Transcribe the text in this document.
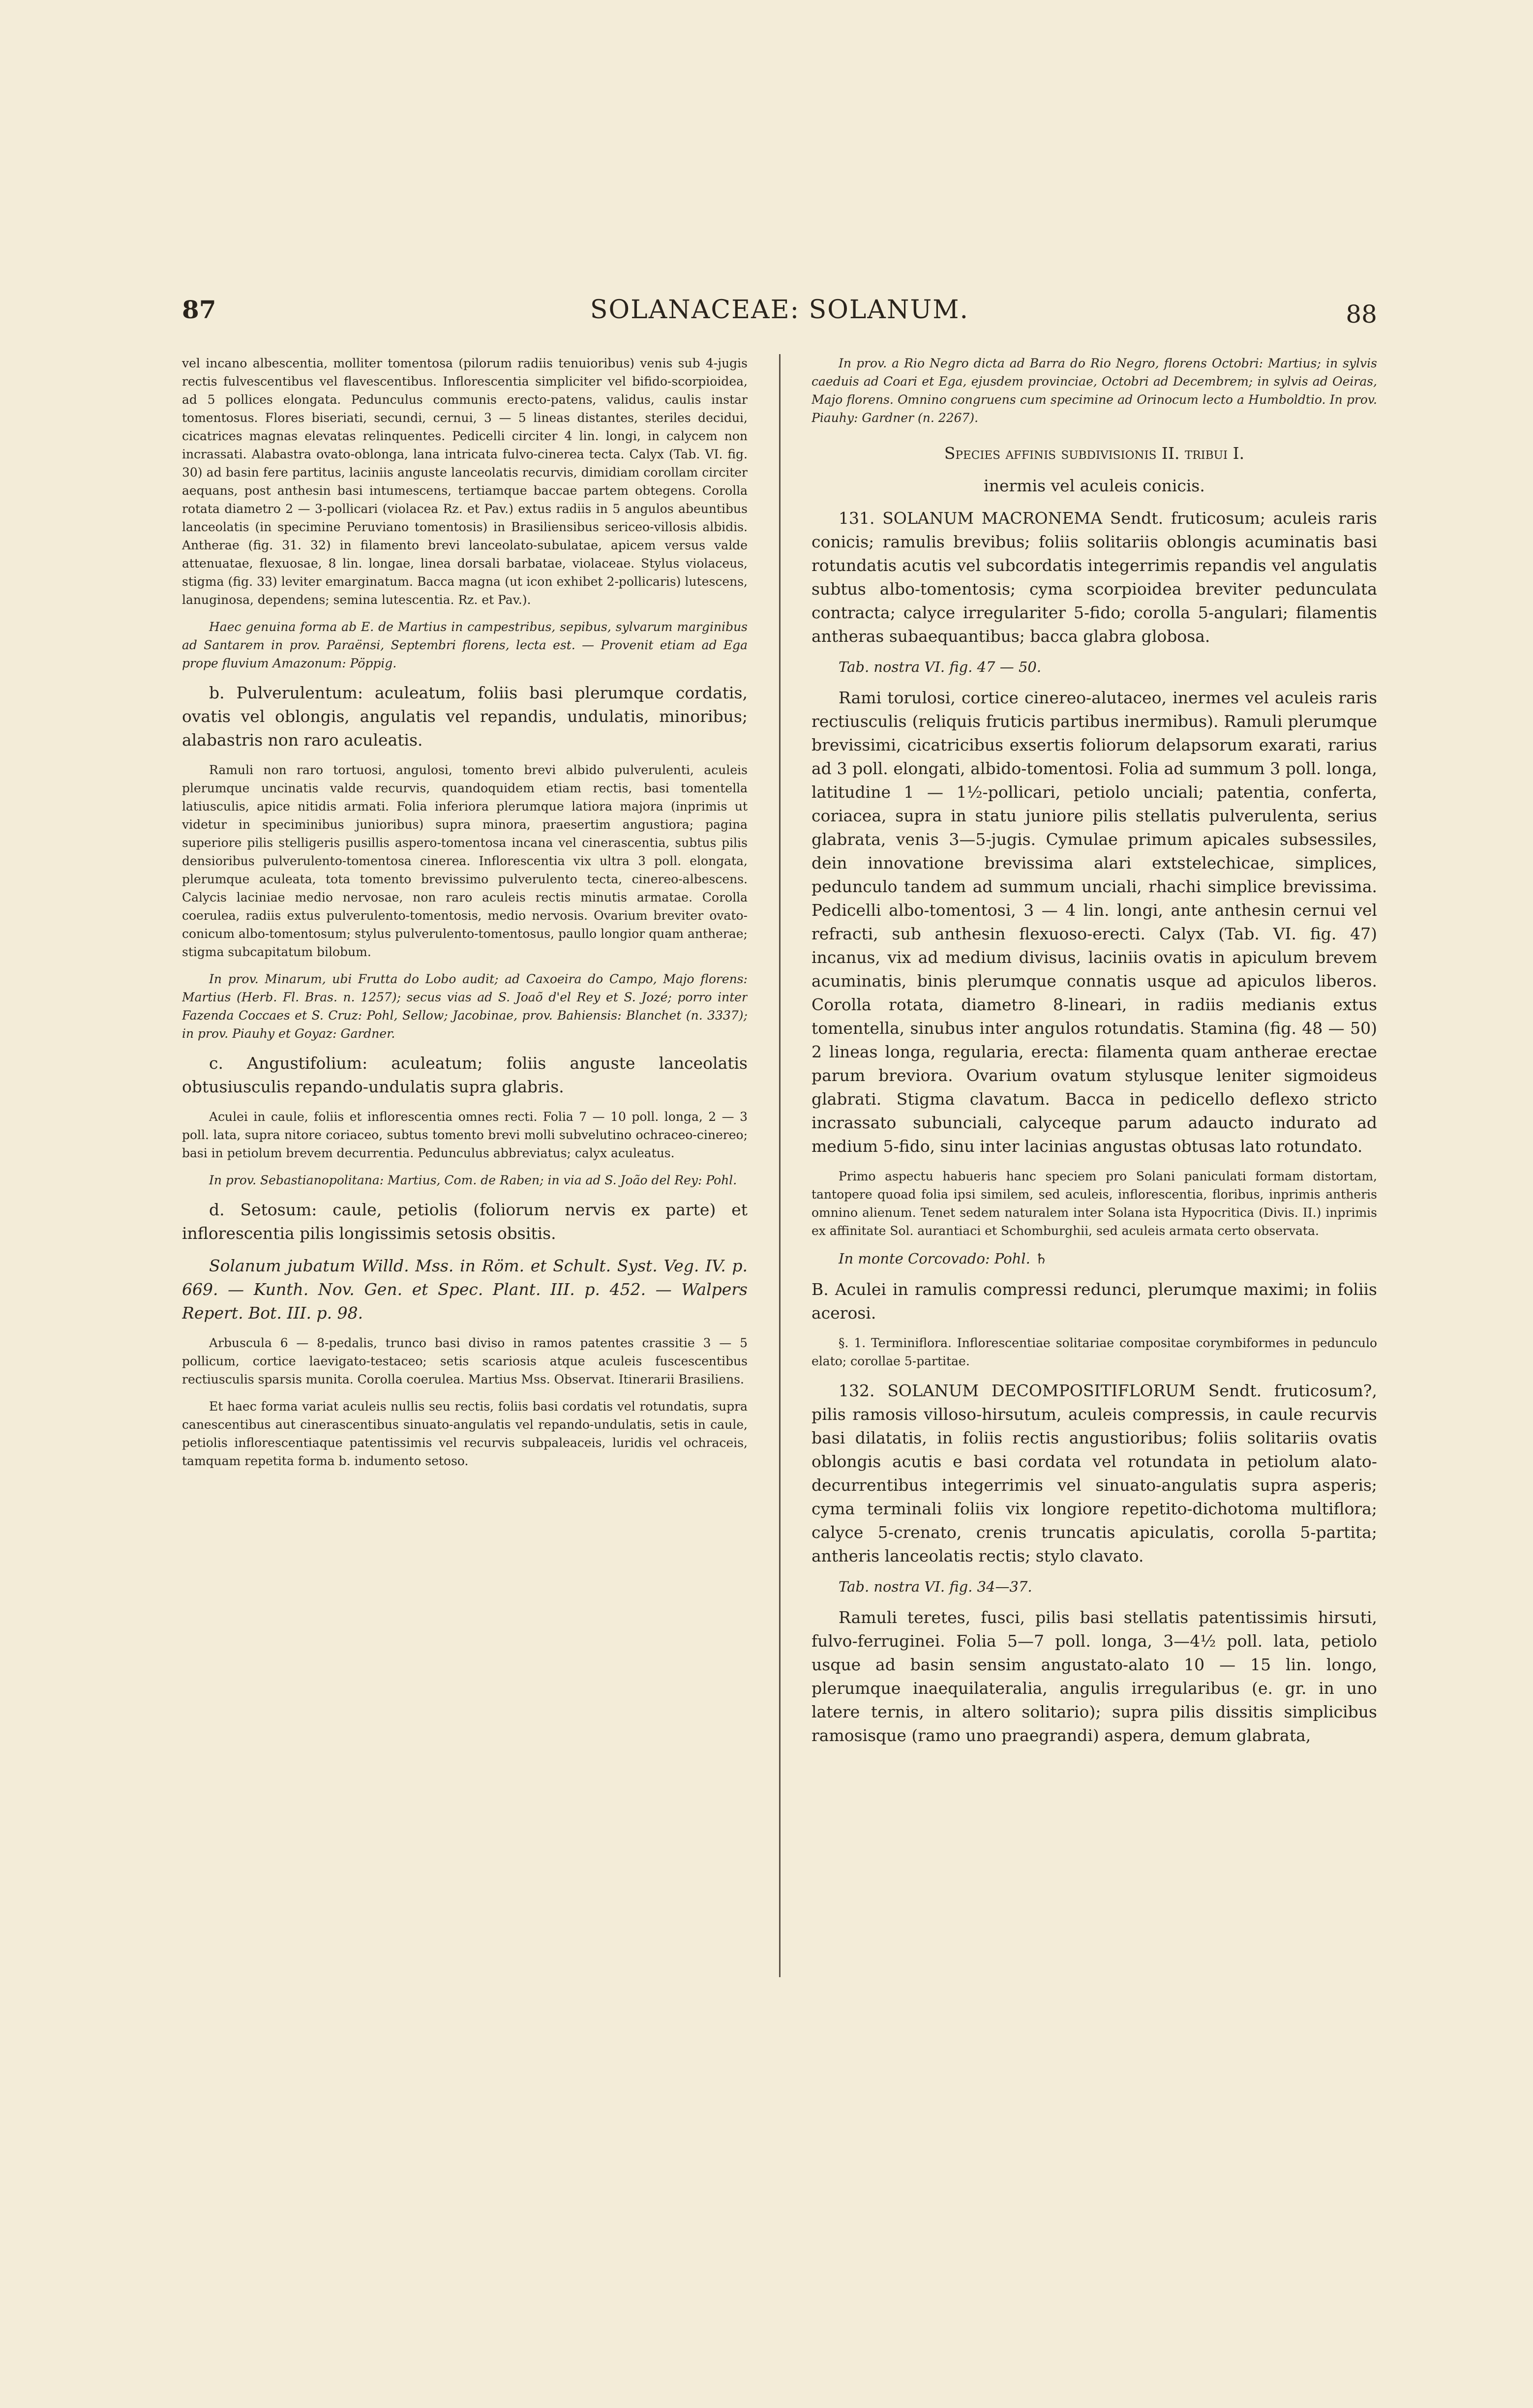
87	SOLANACEAE: SOLANUM.	88

vel incano albescentia, molliter tomentosa (pilorum radiis tenuioribus) venis sub 4-jugis rectis fulvescentibus vel flavescentibus. Inflorescentia simpliciter vel bifido-scorpioidea, ad 5 pollices elongata. Pedunculus communis erecto-patens, validus, caulis instar tomentosus. Flores biseriati, secundi, cernui, 3 — 5 lineas distantes, steriles decidui, cicatrices magnas elevatas relinquentes. Pedicelli circiter 4 lin. longi, in calycem non incrassati. Alabastra ovato-oblonga, lana intricata fulvo-cinerea tecta. Calyx (Tab. VI. fig. 30) ad basin fere partitus, laciniis anguste lanceolatis recurvis, dimidiam corollam circiter aequans, post anthesin basi intumescens, tertiamque baccae partem obtegens. Corolla rotata diametro 2 — 3-pollicari (violacea Rz. et Pav.) extus radiis in 5 angulos abeuntibus lanceolatis (in specimine Peruviano tomentosis) in Brasiliensibus sericeo-villosis albidis. Antherae (fig. 31. 32) in filamento brevi lanceolato-subulatae, apicem versus valde attenuatae, flexuosae, 8 lin. longae, linea dorsali barbatae, violaceae. Stylus violaceus, stigma (fig. 33) leviter emarginatum. Bacca magna (ut icon exhibet 2-pollicaris) lutescens, lanuginosa, dependens; semina lutescentia. Rz. et Pav.).

Haec genuina forma ab E. de Martius in campestribus, sepibus, sylvarum marginibus ad Santarem in prov. Paraënsi, Septembri florens, lecta est. — Provenit etiam ad Ega prope fluvium Amazonum: Pöppig.

b. Pulverulentum: aculeatum, foliis basi plerumque cordatis, ovatis vel oblongis, angulatis vel repandis, undulatis, minoribus; alabastris non raro aculeatis.

Ramuli non raro tortuosi, angulosi, tomento brevi albido pulverulenti, aculeis plerumque uncinatis valde recurvis, quandoquidem etiam rectis, basi tomentella latiusculis, apice nitidis armati. Folia inferiora plerumque latiora majora (inprimis ut videtur in speciminibus junioribus) supra minora, praesertim angustiora; pagina superiore pilis stelligeris pusillis aspero-tomentosa incana vel cinerascentia, subtus pilis densioribus pulverulento-tomentosa cinerea. Inflorescentia vix ultra 3 poll. elongata, plerumque aculeata, tota tomento brevissimo pulverulento tecta, cinereo-albescens. Calycis laciniae medio nervosae, non raro aculeis rectis minutis armatae. Corolla coerulea, radiis extus pulverulento-tomentosis, medio nervosis. Ovarium breviter ovato-conicum albo-tomentosum; stylus pulverulento-tomentosus, paullo longior quam antherae; stigma subcapitatum bilobum.

In prov. Minarum, ubi Frutta do Lobo audit; ad Caxoeira do Campo, Majo florens: Martius (Herb. Fl. Bras. n. 1257); secus vias ad S. Joaõ d'el Rey et S. Jozé; porro inter Fazenda Coccaes et S. Cruz: Pohl, Sellow; Jacobinae, prov. Bahiensis: Blanchet (n. 3337); in prov. Piauhy et Goyaz: Gardner.

c. Angustifolium: aculeatum; foliis anguste lanceolatis obtusiusculis repando-undulatis supra glabris.

Aculei in caule, foliis et inflorescentia omnes recti. Folia 7 — 10 poll. longa, 2 — 3 poll. lata, supra nitore coriaceo, subtus tomento brevi molli subvelutino ochraceo-cinereo; basi in petiolum brevem decurrentia. Pedunculus abbreviatus; calyx aculeatus.

In prov. Sebastianopolitana: Martius, Com. de Raben; in via ad S. João del Rey: Pohl.

d. Setosum: caule, petiolis (foliorum nervis ex parte) et inflorescentia pilis longissimis setosis obsitis.

Solanum jubatum Willd. Mss. in Röm. et Schult. Syst. Veg. IV. p. 669. — Kunth. Nov. Gen. et Spec. Plant. III. p. 452. — Walpers Repert. Bot. III. p. 98.

Arbuscula 6 — 8-pedalis, trunco basi diviso in ramos patentes crassitie 3 — 5 pollicum, cortice laevigato-testaceo; setis scariosis atque aculeis fuscescentibus rectiusculis sparsis munita. Corolla coerulea. Martius Mss. Observat. Itinerarii Brasiliens.

Et haec forma variat aculeis nullis seu rectis, foliis basi cordatis vel rotundatis, supra canescentibus aut cinerascentibus sinuato-angulatis vel repando-undulatis, setis in caule, petiolis inflorescentiaque patentissimis vel recurvis subpaleaceis, luridis vel ochraceis, tamquam repetita forma b. indumento setoso.

In prov. a Rio Negro dicta ad Barra do Rio Negro, florens Octobri: Martius; in sylvis caeduis ad Coari et Ega, ejusdem provinciae, Octobri ad Decembrem; in sylvis ad Oeiras, Majo florens. Omnino congruens cum specimine ad Orinocum lecto a Humboldtio. In prov. Piauhy: Gardner (n. 2267).

Species affinis subdivisionis II. tribui I.

inermis vel aculeis conicis.

131. SOLANUM MACRONEMA Sendt. fruticosum; aculeis raris conicis; ramulis brevibus; foliis solitariis oblongis acuminatis basi rotundatis acutis vel subcordatis integerrimis repandis vel angulatis subtus albo-tomentosis; cyma scorpioidea breviter pedunculata contracta; calyce irregulariter 5-fido; corolla 5-angulari; filamentis antheras subaequantibus; bacca glabra globosa.

Tab. nostra VI. fig. 47 — 50.

Rami torulosi, cortice cinereo-alutaceo, inermes vel aculeis raris rectiusculis (reliquis fruticis partibus inermibus). Ramuli plerumque brevissimi, cicatricibus exsertis foliorum delapsorum exarati, rarius ad 3 poll. elongati, albido-tomentosi. Folia ad summum 3 poll. longa, latitudine 1 — 1½-pollicari, petiolo unciali; patentia, conferta, coriacea, supra in statu juniore pilis stellatis pulverulenta, serius glabrata, venis 3—5-jugis. Cymulae primum apicales subsessiles, dein innovatione brevissima alari extstelechicae, simplices, pedunculo tandem ad summum unciali, rhachi simplice brevissima. Pedicelli albo-tomentosi, 3 — 4 lin. longi, ante anthesin cernui vel refracti, sub anthesin flexuoso-erecti. Calyx (Tab. VI. fig. 47) incanus, vix ad medium divisus, laciniis ovatis in apiculum brevem acuminatis, binis plerumque connatis usque ad apiculos liberos. Corolla rotata, diametro 8-lineari, in radiis medianis extus tomentella, sinubus inter angulos rotundatis. Stamina (fig. 48 — 50) 2 lineas longa, regularia, erecta: filamenta quam antherae erectae parum breviora. Ovarium ovatum stylusque leniter sigmoideus glabrati. Stigma clavatum. Bacca in pedicello deflexo stricto incrassato subunciali, calyceque parum adaucto indurato ad medium 5-fido, sinu inter lacinias angustas obtusas lato rotundato.

Primo aspectu habueris hanc speciem pro Solani paniculati formam distortam, tantopere quoad folia ipsi similem, sed aculeis, inflorescentia, floribus, inprimis antheris omnino alienum. Tenet sedem naturalem inter Solana ista Hypocritica (Divis. II.) inprimis ex affinitate Sol. aurantiaci et Schomburghii, sed aculeis armata certo observata.

In monte Corcovado: Pohl. ♄

B. Aculei in ramulis compressi redunci, plerumque maximi; in foliis acerosi.

§. 1. Terminiflora. Inflorescentiae solitariae compositae corymbiformes in pedunculo elato; corollae 5-partitae.

132. SOLANUM DECOMPOSITIFLORUM Sendt. fruticosum?, pilis ramosis villoso-hirsutum, aculeis compressis, in caule recurvis basi dilatatis, in foliis rectis angustioribus; foliis solitariis ovatis oblongis acutis e basi cordata vel rotundata in petiolum alato-decurrentibus integerrimis vel sinuato-angulatis supra asperis; cyma terminali foliis vix longiore repetito-dichotoma multiflora; calyce 5-crenato, crenis truncatis apiculatis, corolla 5-partita; antheris lanceolatis rectis; stylo clavato.

Tab. nostra VI. fig. 34—37.

Ramuli teretes, fusci, pilis basi stellatis patentissimis hirsuti, fulvo-ferruginei. Folia 5—7 poll. longa, 3—4½ poll. lata, petiolo usque ad basin sensim angustato-alato 10 — 15 lin. longo, plerumque inaequilateralia, angulis irregularibus (e. gr. in uno latere ternis, in altero solitario); supra pilis dissitis simplicibus ramosisque (ramo uno praegrandi) aspera, demum glabrata,
